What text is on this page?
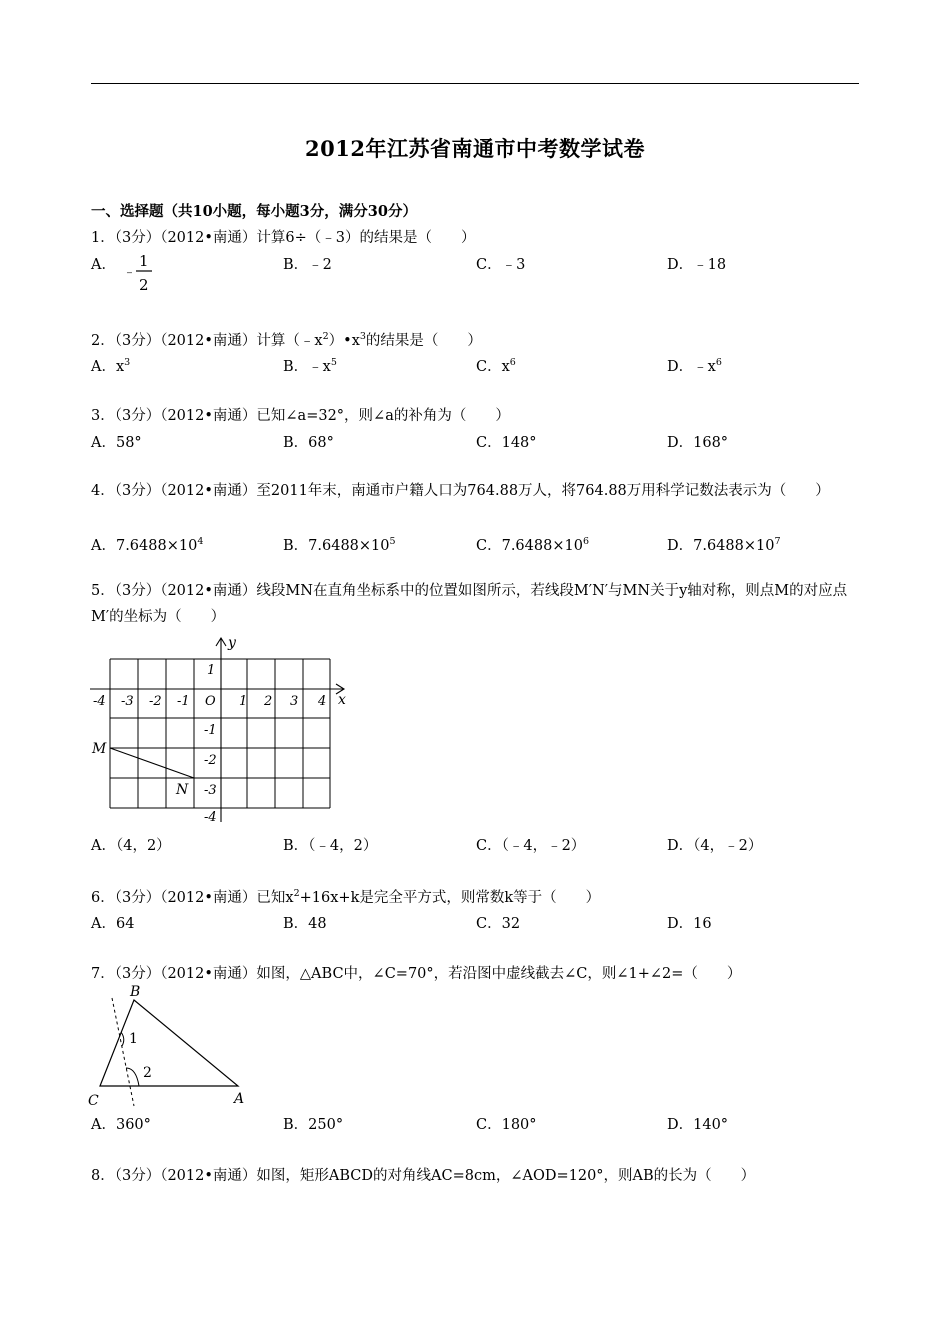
2012年江苏省南通市中考数学试卷
一、选择题（共10小题，每小题3分，满分30分）
1．（3分）（2012•南通）计算6÷（﹣3）的结果是（　　）
A． ﹣
1
2
B．﹣2	C．﹣3	D．﹣18
2．（3分）（2012•南通）计算$(﹣x^2)•x^3$的结果是（　　）
A．$x^3$	B．$﹣x^5$	C．$x^6$	D．$﹣x^6$
3．（3分）（2012•南通）已知∠a=32°，则∠a的补角为（　　）
A．58°	B．68°	C．148°	D．168°
4．（3分）（2012•南通）至2011年末，南通市户籍人口为764.88万人，将764.88万用科学记数法表示为（　　）
A．$7.6488\times 10^4$	B．$7.6488\times 10^5$	C．$7.6488\times 10^6$	D．$7.6488\times 10^7$
5．（3分）（2012•南通）线段MN在直角坐标系中的位置如图所示，若线段M′N′与MN关于y轴对称，则点M的对应点M′的坐标为（　　）
y
x
-4 -3 -2 -1 O 1 2 3 4
1
-1
-2
-3
-4
M
N
A．（4，2）	B．（﹣4，2）	C．（﹣4，﹣2）	D．（4，﹣2）
6．（3分）（2012•南通）已知$x^2+16x+k$是完全平方式，则常数k等于（　　）
A．64	B．48	C．32	D．16
7．（3分）（2012•南通）如图，△ABC中，∠C=70°，若沿图中虚线截去∠C，则∠1+∠2=（　　）
1
2
B
C	A
A．360°	B．250°	C．180°	D．140°
8．（3分）（2012•南通）如图，矩形ABCD的对角线AC=8cm，∠AOD=120°，则AB的长为（　　）
